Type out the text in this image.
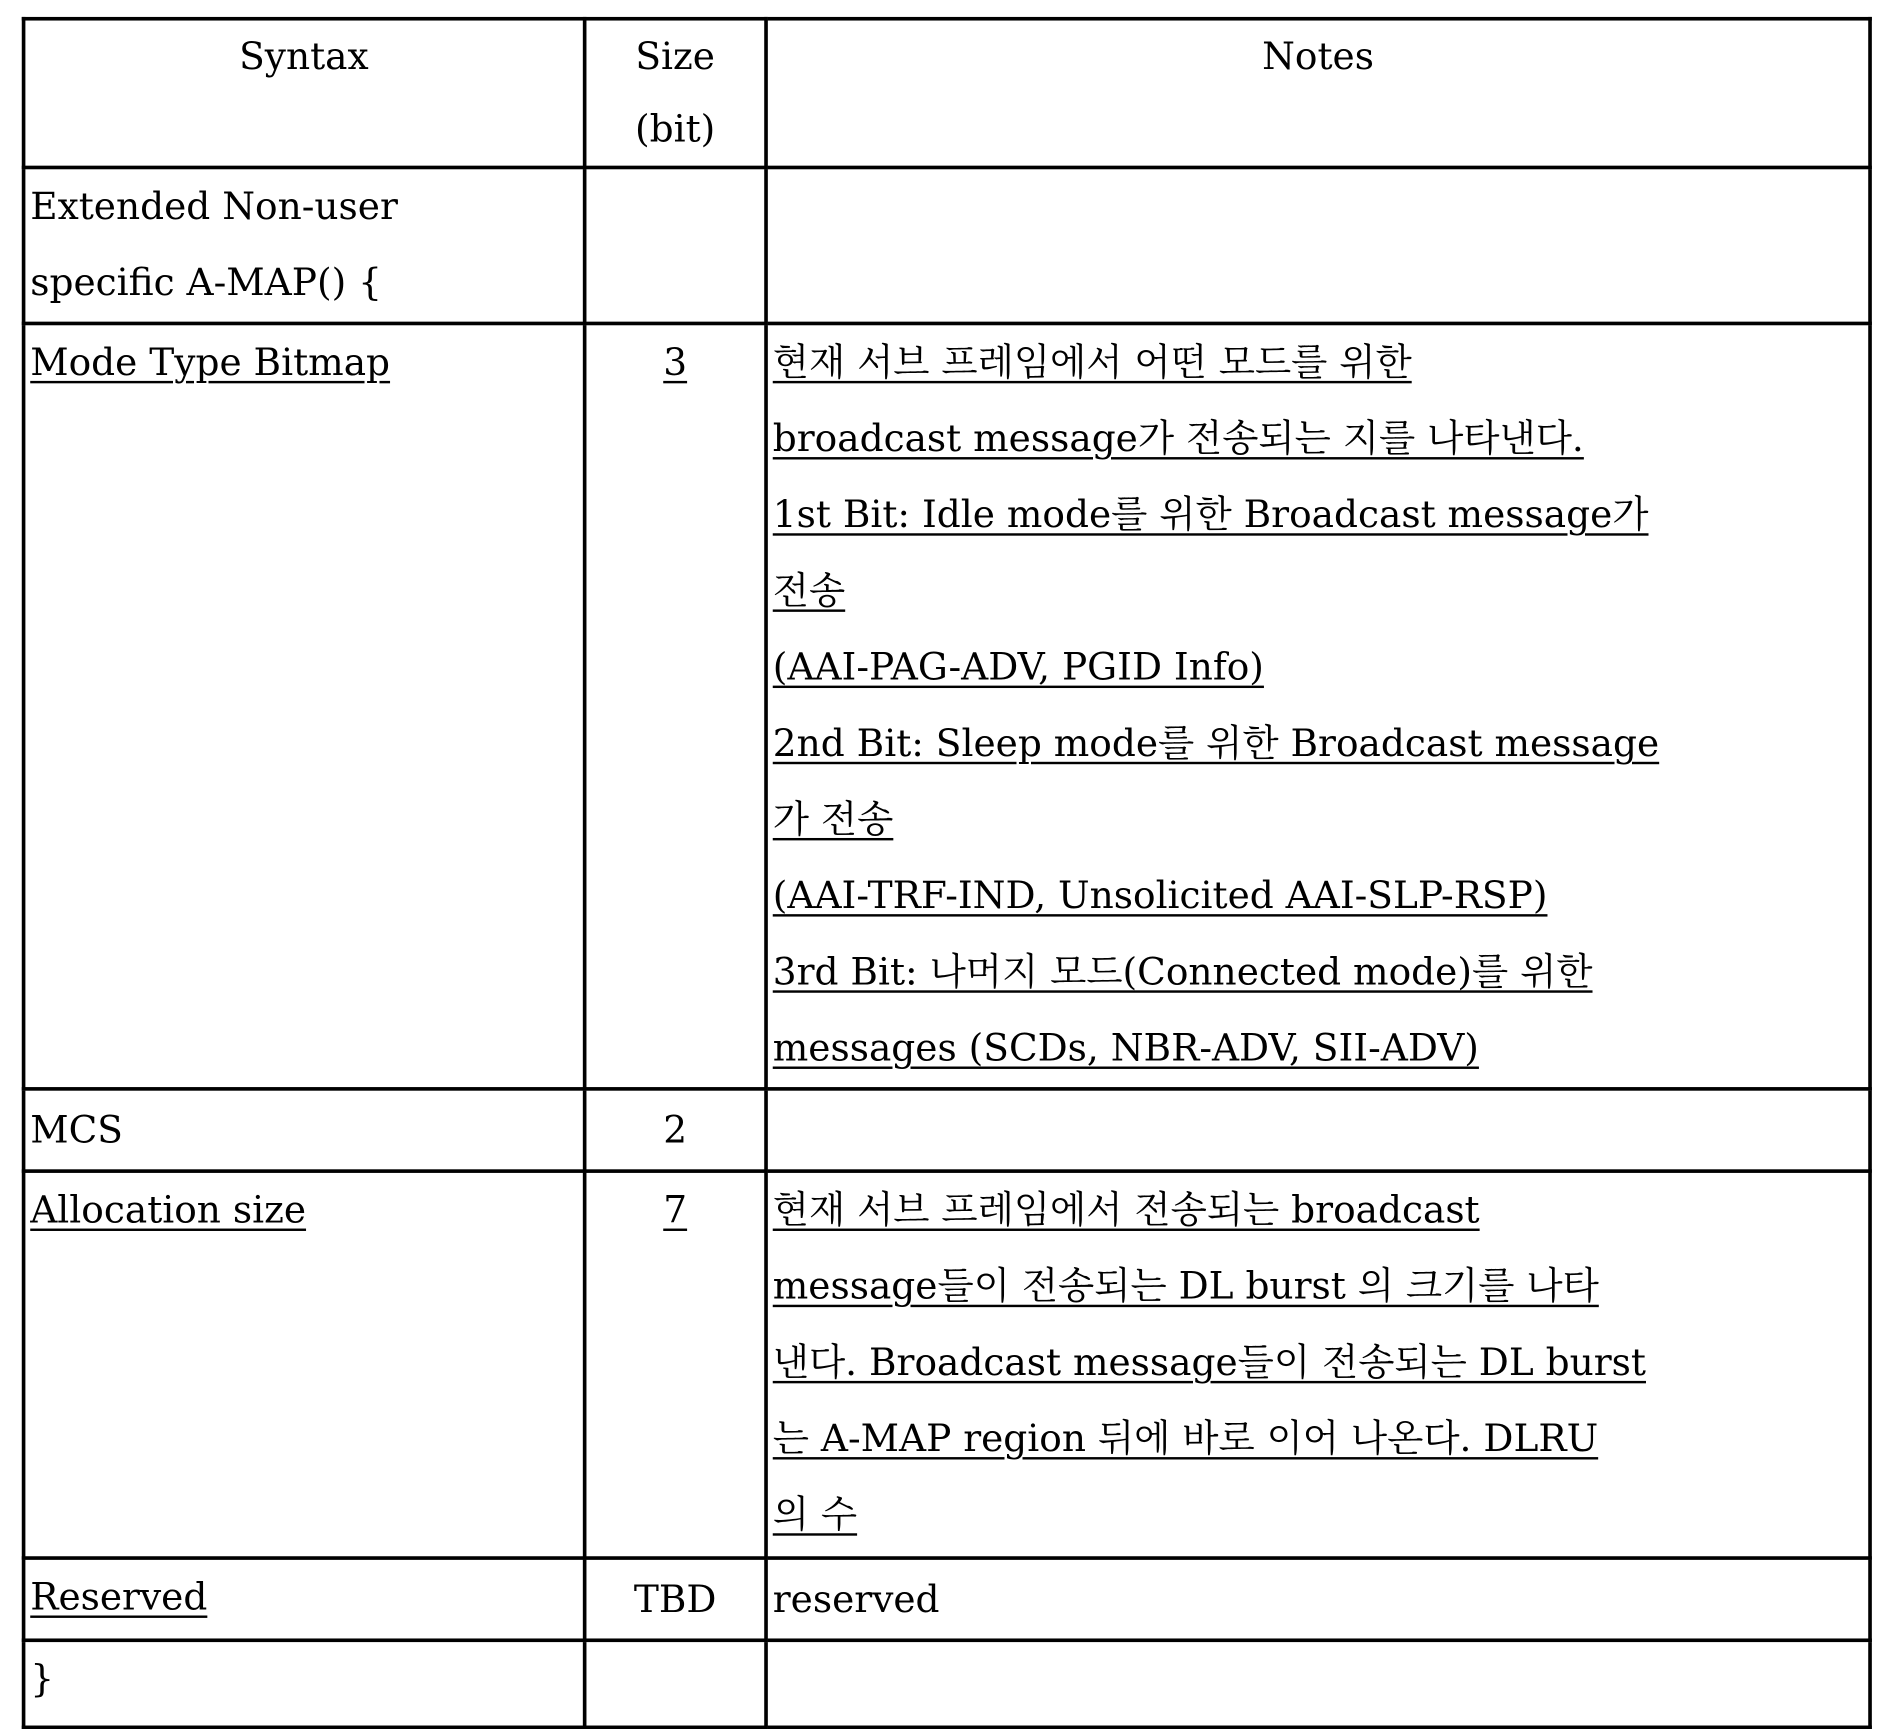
Syntax	Size
(bit)
	Notes

Extended Non-user
specific A-MAP() {

Mode Type Bitmap	3	현재 서브 프레임에서 어떤 모드를 위한
broadcast message가 전송되는 지를 나타낸다.
1st Bit: Idle mode를 위한 Broadcast message가
전송
(AAI-PAG-ADV, PGID Info)
2nd Bit: Sleep mode를 위한 Broadcast message
가 전송
(AAI-TRF-IND, Unsolicited AAI-SLP-RSP)
3rd Bit: 나머지 모드(Connected mode)를 위한
messages (SCDs, NBR-ADV, SII-ADV)

MCS	2	
Allocation size	7	현재 서브 프레임에서 전송되는 broadcast
message들이 전송되는 DL burst 의 크기를 나타
낸다. Broadcast message들이 전송되는 DL burst
는 A-MAP region 뒤에 바로 이어 나온다. DLRU
의 수

Reserved	TBD	reserved
}		
